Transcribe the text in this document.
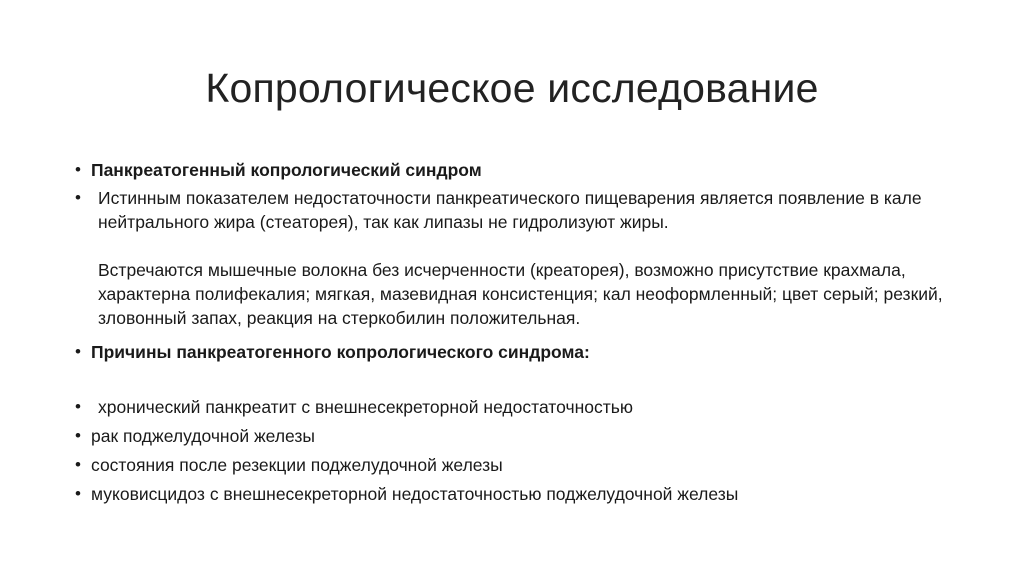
Копрологическое исследование
• Панкреатогенный копрологический синдром
• Истинным показателем недостаточности панкреатического пищеварения является появление в кале нейтрального жира (стеаторея), так как липазы не гидролизуют жиры.
Встречаются мышечные волокна без исчерченности (креаторея), возможно присутствие крахмала, характерна полифекалия; мягкая, мазевидная консистенция; кал неоформленный; цвет серый; резкий, зловонный запах, реакция на стеркобилин положительная.
• Причины панкреатогенного копрологического синдрома:
• хронический панкреатит с внешнесекреторной недостаточностью
• рак поджелудочной железы
• состояния после резекции поджелудочной железы
• муковисцидоз с внешнесекреторной недостаточностью поджелудочной железы
